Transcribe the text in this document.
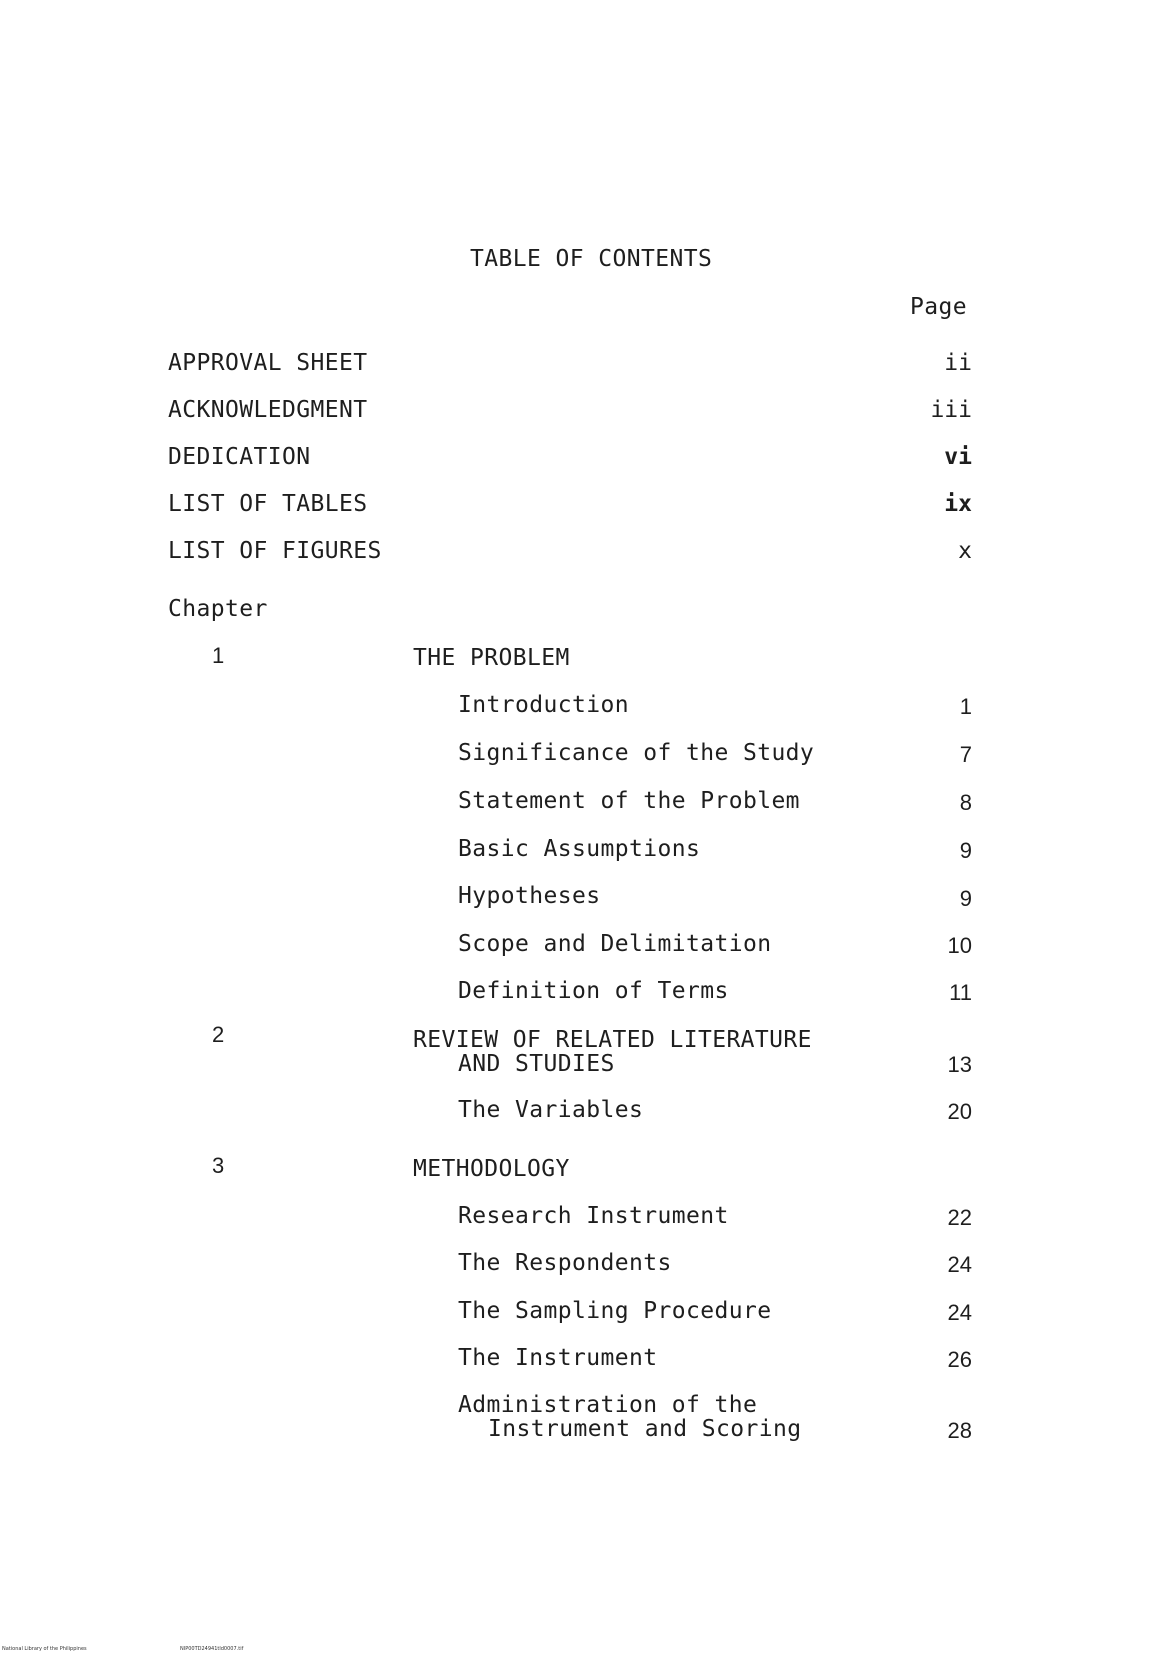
TABLE OF CONTENTS
Page
APPROVAL SHEET	ii
ACKNOWLEDGMENT	iii
DEDICATION	vi
LIST OF TABLES	ix
LIST OF FIGURES	x
Chapter
1	THE PROBLEM
Introduction	1
Significance of the Study	7
Statement of the Problem	8
Basic Assumptions	9
Hypotheses	9
Scope and Delimitation	10
Definition of Terms	11
2	REVIEW OF RELATED LITERATURE
AND STUDIES	13
The Variables	20
3	METHODOLOGY
Research Instrument	22
The Respondents	24
The Sampling Procedure	24
The Instrument	26
Administration of the
Instrument and Scoring	28
National Library of the Philippines	NIP00TD24941tld0007.tif
